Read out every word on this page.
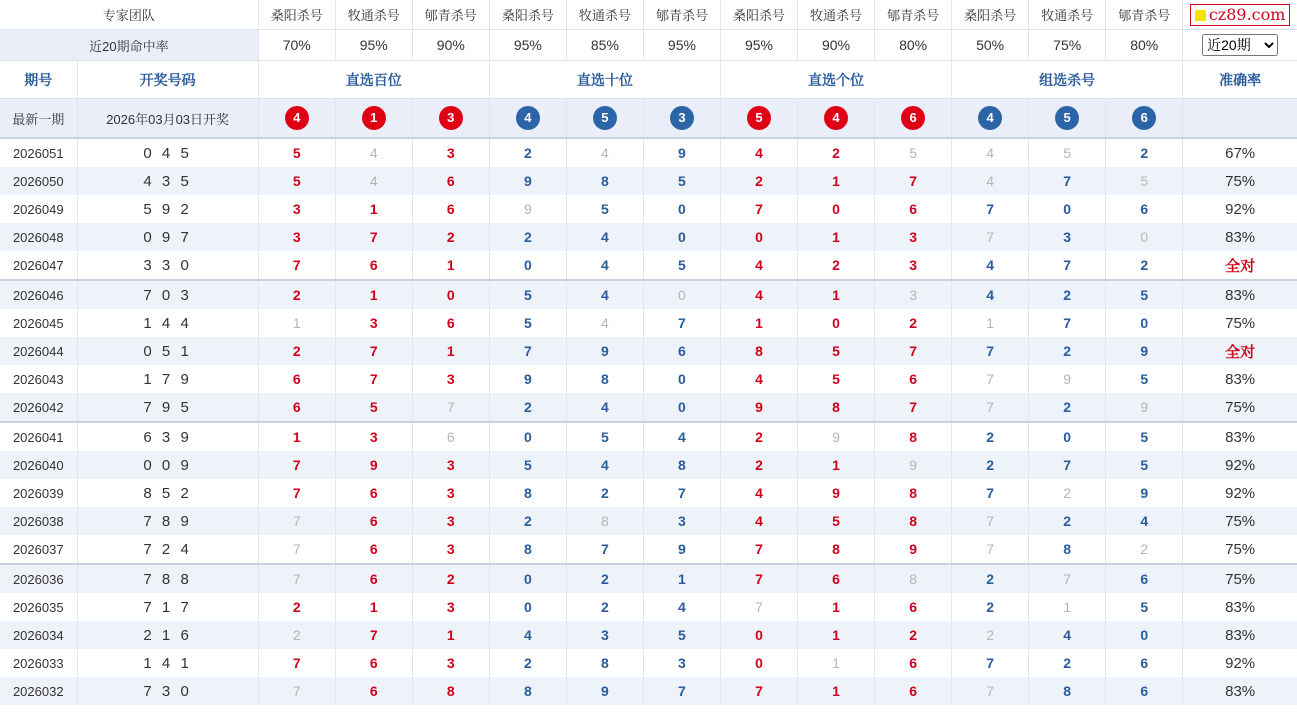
专家团队		桑阳杀号	牧通杀号	郇青杀号	桑阳杀号	牧通杀号	郇青杀号	桑阳杀号	牧通杀号	郇青杀号	桑阳杀号	牧通杀号	郇青杀号	cz89.com
近20期命中率		70%	95%	90%	95%	85%	95%	95%	90%	80%	50%	75%	80%	
近20期
期号	开奖号码	直选百位			直选十位			直选个位			组选杀号			准确率
最新一期	2026年03月03日开奖	4	1	3	4	5	3	5	4	6	4	5	6	
2026051	0 4 5	5	4	3	2	4	9	4	2	5	4	5	2	67%
2026050	4 3 5	5	4	6	9	8	5	2	1	7	4	7	5	75%
2026049	5 9 2	3	1	6	9	5	0	7	0	6	7	0	6	92%
2026048	0 9 7	3	7	2	2	4	0	0	1	3	7	3	0	83%
2026047	3 3 0	7	6	1	0	4	5	4	2	3	4	7	2	全对
2026046	7 0 3	2	1	0	5	4	0	4	1	3	4	2	5	83%
2026045	1 4 4	1	3	6	5	4	7	1	0	2	1	7	0	75%
2026044	0 5 1	2	7	1	7	9	6	8	5	7	7	2	9	全对
2026043	1 7 9	6	7	3	9	8	0	4	5	6	7	9	5	83%
2026042	7 9 5	6	5	7	2	4	0	9	8	7	7	2	9	75%
2026041	6 3 9	1	3	6	0	5	4	2	9	8	2	0	5	83%
2026040	0 0 9	7	9	3	5	4	8	2	1	9	2	7	5	92%
2026039	8 5 2	7	6	3	8	2	7	4	9	8	7	2	9	92%
2026038	7 8 9	7	6	3	2	8	3	4	5	8	7	2	4	75%
2026037	7 2 4	7	6	3	8	7	9	7	8	9	7	8	2	75%
2026036	7 8 8	7	6	2	0	2	1	7	6	8	2	7	6	75%
2026035	7 1 7	2	1	3	0	2	4	7	1	6	2	1	5	83%
2026034	2 1 6	2	7	1	4	3	5	0	1	2	2	4	0	83%
2026033	1 4 1	7	6	3	2	8	3	0	1	6	7	2	6	92%
2026032	7 3 0	7	6	8	8	9	7	7	1	6	7	8	6	83%
